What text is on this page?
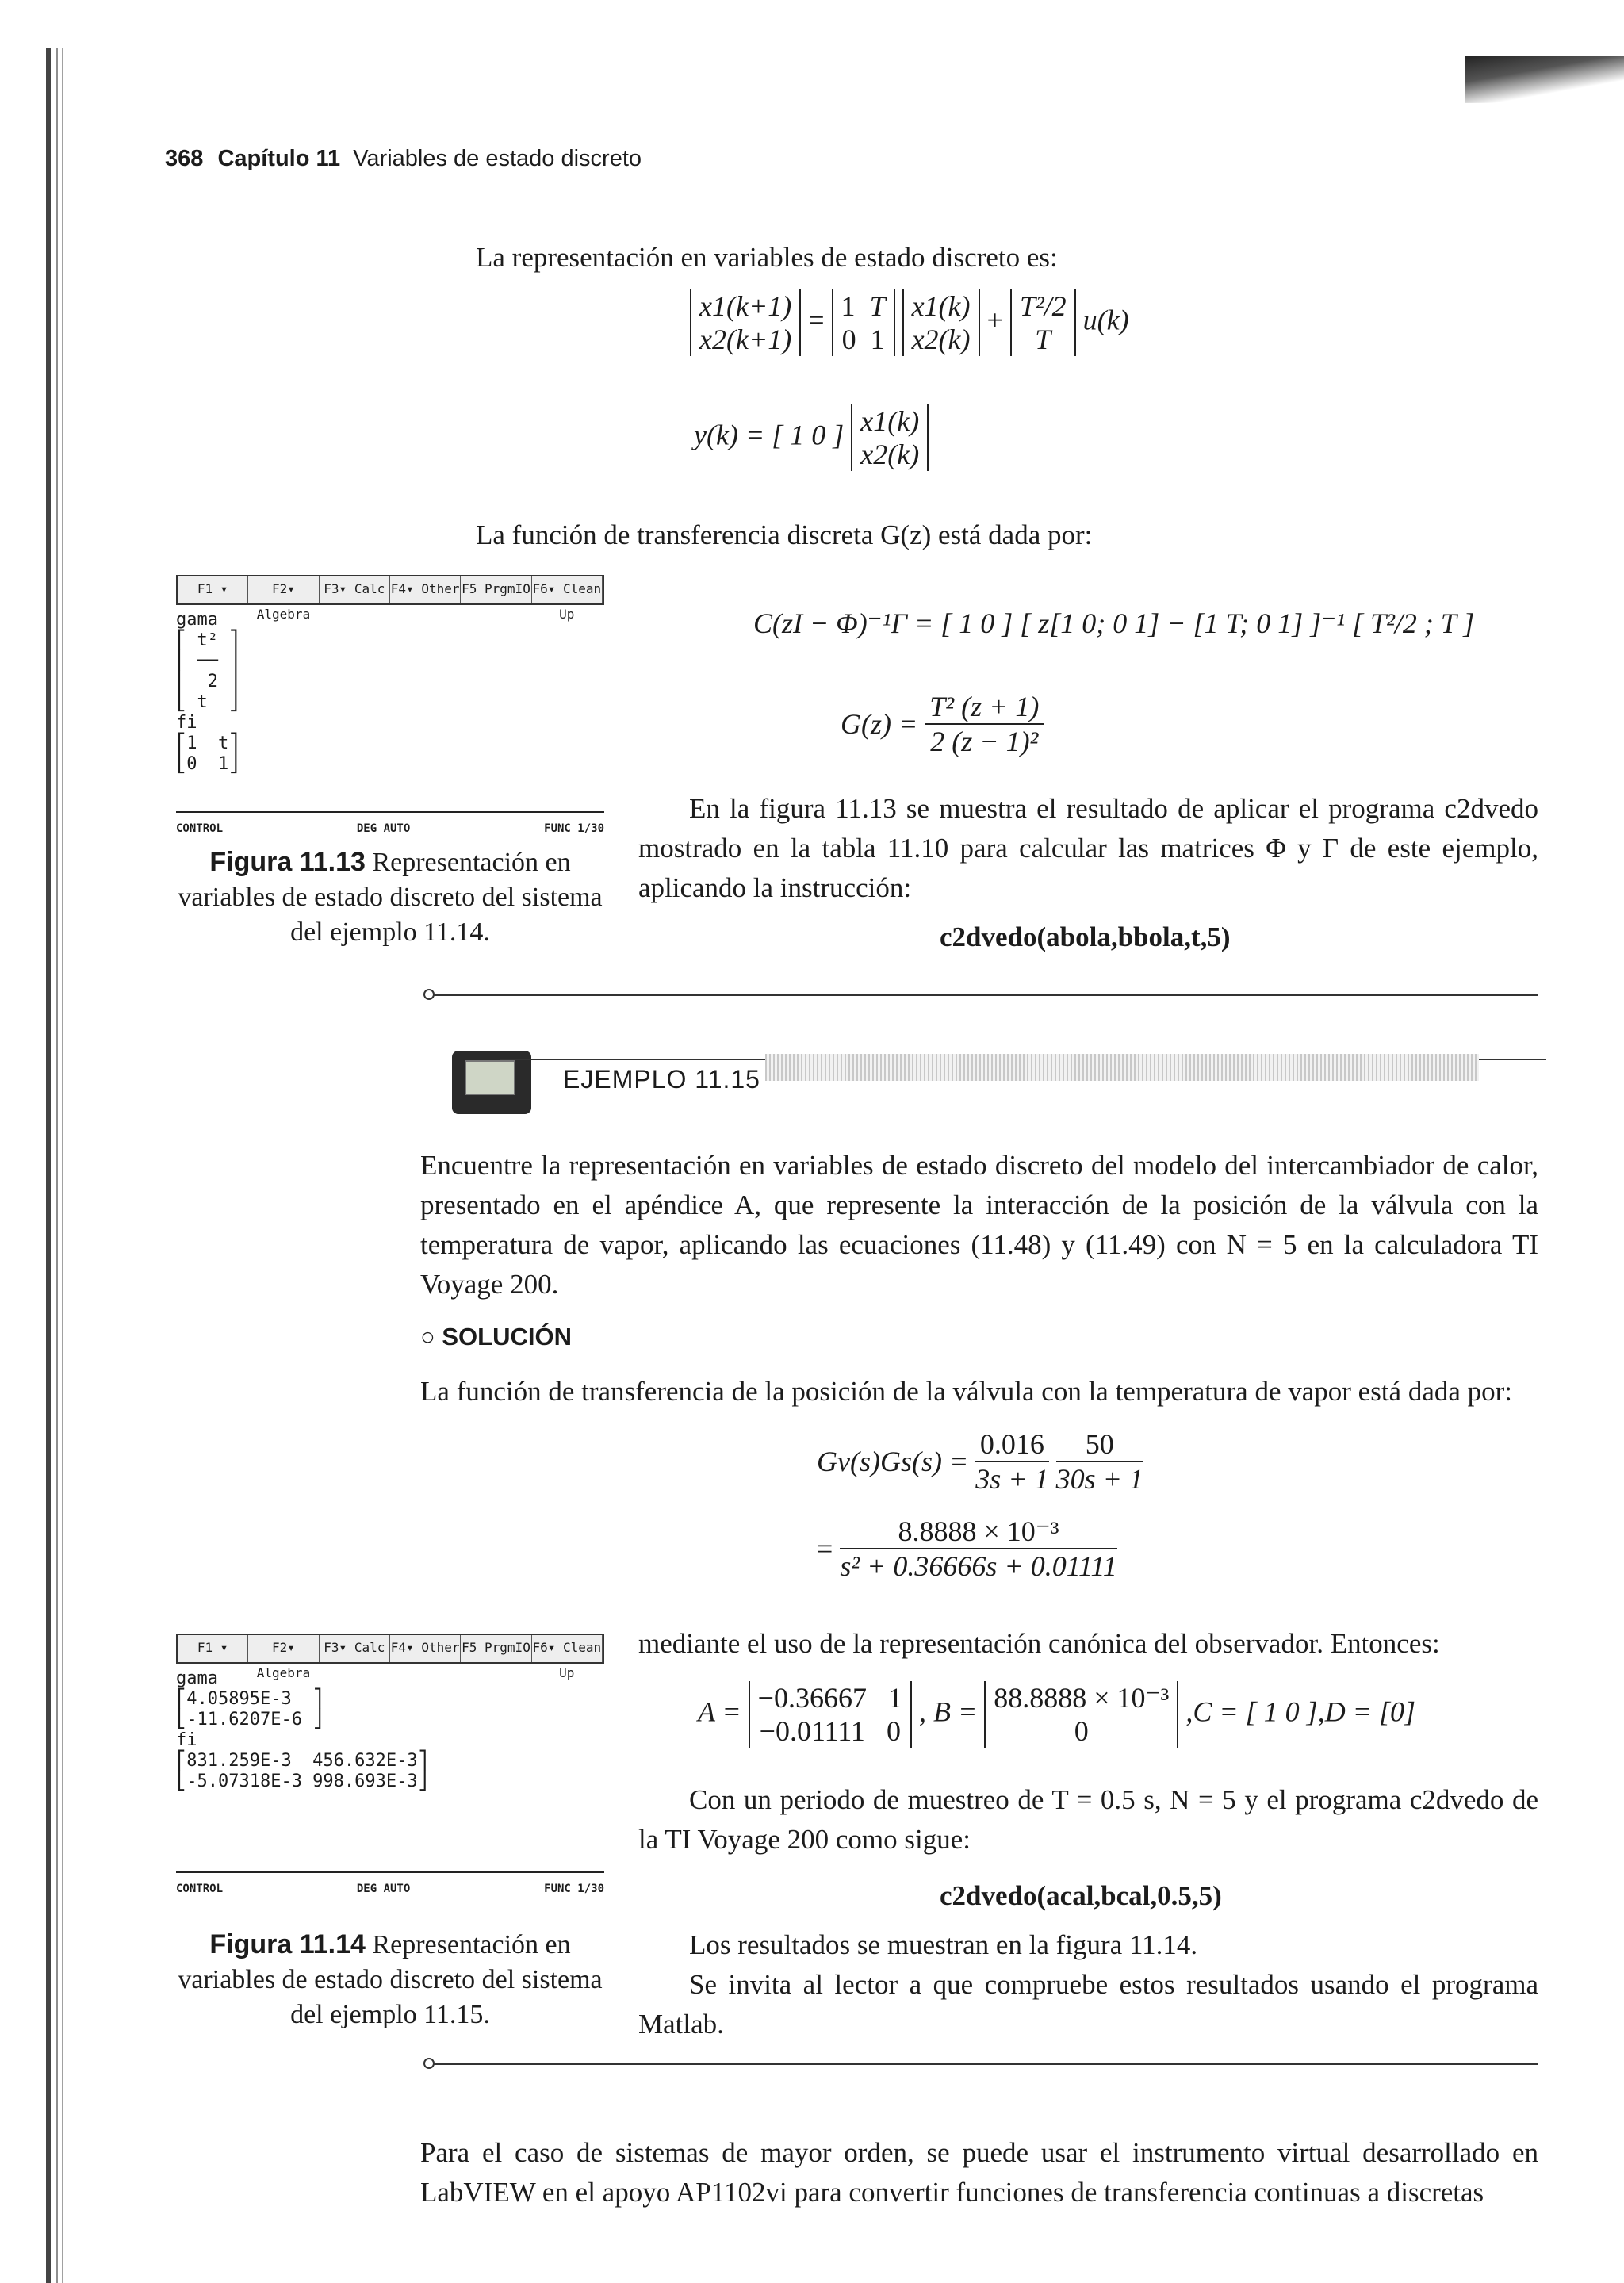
368 Capítulo 11 Variables de estado discreto
La representación en variables de estado discreto es:
x1(k+1)
x2(k+1)
= 1 T
0 1

x1(k)
x2(k)
+ T²/2
T
u(k)
y(k) = [ 1 0 ] x1(k)
x2(k)
La función de transferencia discreta G(z) está dada por:
F1 ▾	F2▾ Algebra
F3▾ Calc F4▾ Other F5 PrgmIO F6▾ Clean Up
gama
⎡ t² ⎤
⎢ ── ⎥
⎢  2 ⎥
⎣ t  ⎦
fi
⎡1  t⎤
⎣0  1⎦
CONTROL	DEG AUTO	FUNC 1/30
Figura 11.13 Representación en variables de estado discreto del sistema del ejemplo 11.14.
C(zI − Φ)⁻¹Γ = [ 1 0 ] [ z[1 0; 0 1] − [1 T; 0 1] ]⁻¹ [ T²/2 ; T ]
$G(z) = \frac{\text{T² (z + 1)}}{\text{2 (z − 1)²}}$
En la figura 11.13 se muestra el resultado de aplicar el programa c2dvedo mostrado en la tabla 11.10 para calcular las matrices Φ y Γ de este ejemplo, aplicando la instrucción:
c2dvedo(abola,bbola,t,5)
EJEMPLO 11.15
Encuentre la representación en variables de estado discreto del modelo del intercambiador de calor, presentado en el apéndice A, que represente la interacción de la posición de la válvula con la temperatura de vapor, aplicando las ecuaciones (11.48) y (11.49) con N = 5 en la calculadora TI Voyage 200.
○ SOLUCIÓN
La función de transferencia de la posición de la válvula con la temperatura de vapor está dada por:
$Gv(s)Gs(s) = \frac{0.016}{3s + 1}$
$\frac{50}{30s + 1}$
= $\frac{\text{8.8888 × 10⁻³}}{\text{s² + 0.36666s + 0.01111}}$
F1 ▾	F2▾ Algebra
F3▾ Calc F4▾ Other F5 PrgmIO F6▾ Clean Up
gama
⎡4.05895E-3  ⎤
⎣-11.6207E-6 ⎦
fi
⎡831.259E-3  456.632E-3⎤
⎣-5.07318E-3 998.693E-3⎦
CONTROL	DEG AUTO	FUNC 1/30
Figura 11.14 Representación en variables de estado discreto del sistema del ejemplo 11.15.
mediante el uso de la representación canónica del observador. Entonces:
A = −0.36667 1
−0.01111 0
, B = 88.8888 × 10⁻³
0
,C = [ 1 0 ],D = [0]
Con un periodo de muestreo de T = 0.5 s, N = 5 y el programa c2dvedo de la TI Voyage 200 como sigue:
c2dvedo(acal,bcal,0.5,5)
Los resultados se muestran en la figura 11.14.
Se invita al lector a que compruebe estos resultados usando el programa Matlab.
Para el caso de sistemas de mayor orden, se puede usar el instrumento virtual desarrollado en LabVIEW en el apoyo AP1102vi para convertir funciones de transferencia continuas a discretas
